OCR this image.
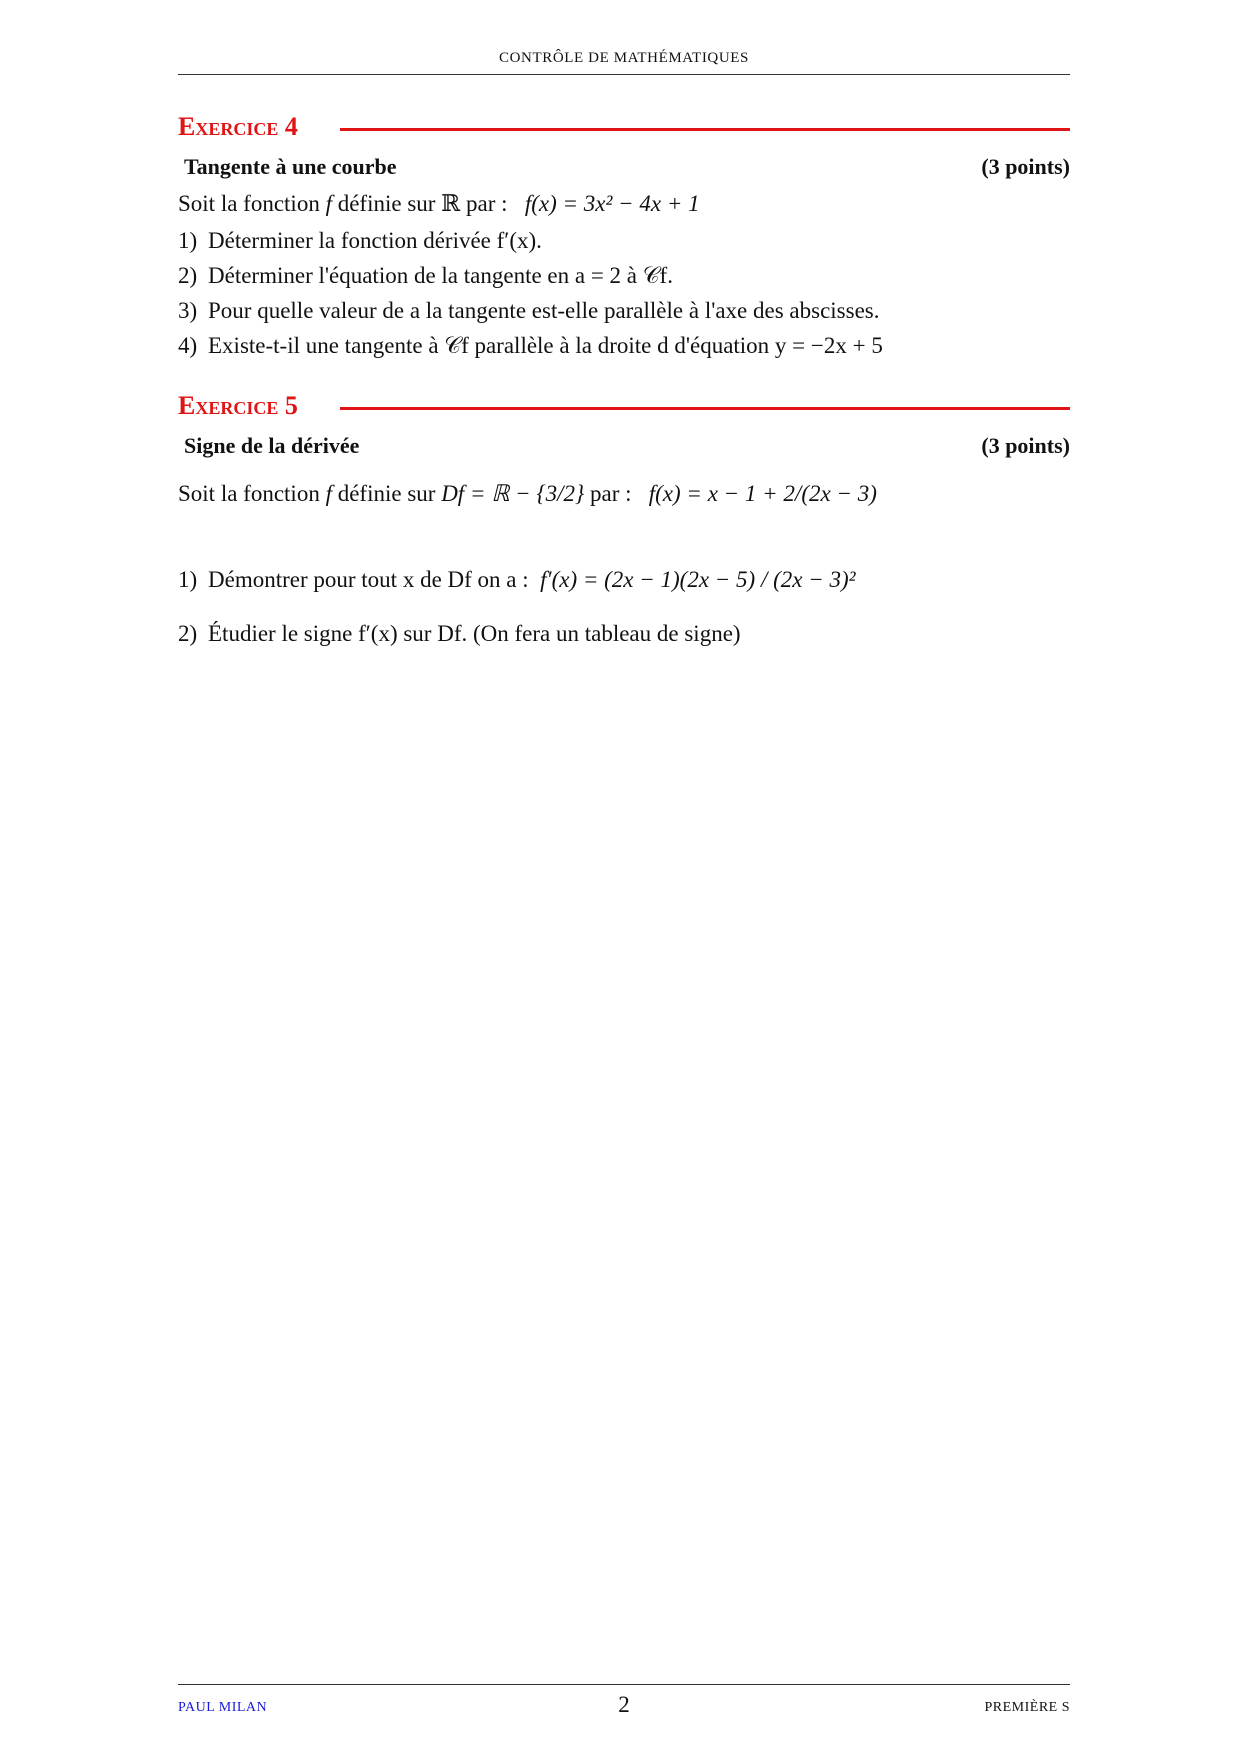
CONTRÔLE DE MATHÉMATIQUES
Exercice 4
Tangente à une courbe	(3 points)
Soit la fonction f définie sur ℝ par : f(x) = 3x² − 4x + 1
1) Déterminer la fonction dérivée f′(x).
2) Déterminer l'équation de la tangente en a = 2 à 𝒞f.
3) Pour quelle valeur de a la tangente est-elle parallèle à l'axe des abscisses.
4) Existe-t-il une tangente à 𝒞f parallèle à la droite d d'équation y = −2x + 5
Exercice 5
Signe de la dérivée	(3 points)
Soit la fonction f définie sur Df = ℝ − {3/2} par : f(x) = x − 1 + 2/(2x − 3)
1) Démontrer pour tout x de Df on a : f′(x) = (2x − 1)(2x − 5) / (2x − 3)²
2) Étudier le signe f′(x) sur Df. (On fera un tableau de signe)
PAUL MILAN	2	PREMIÈRE S
